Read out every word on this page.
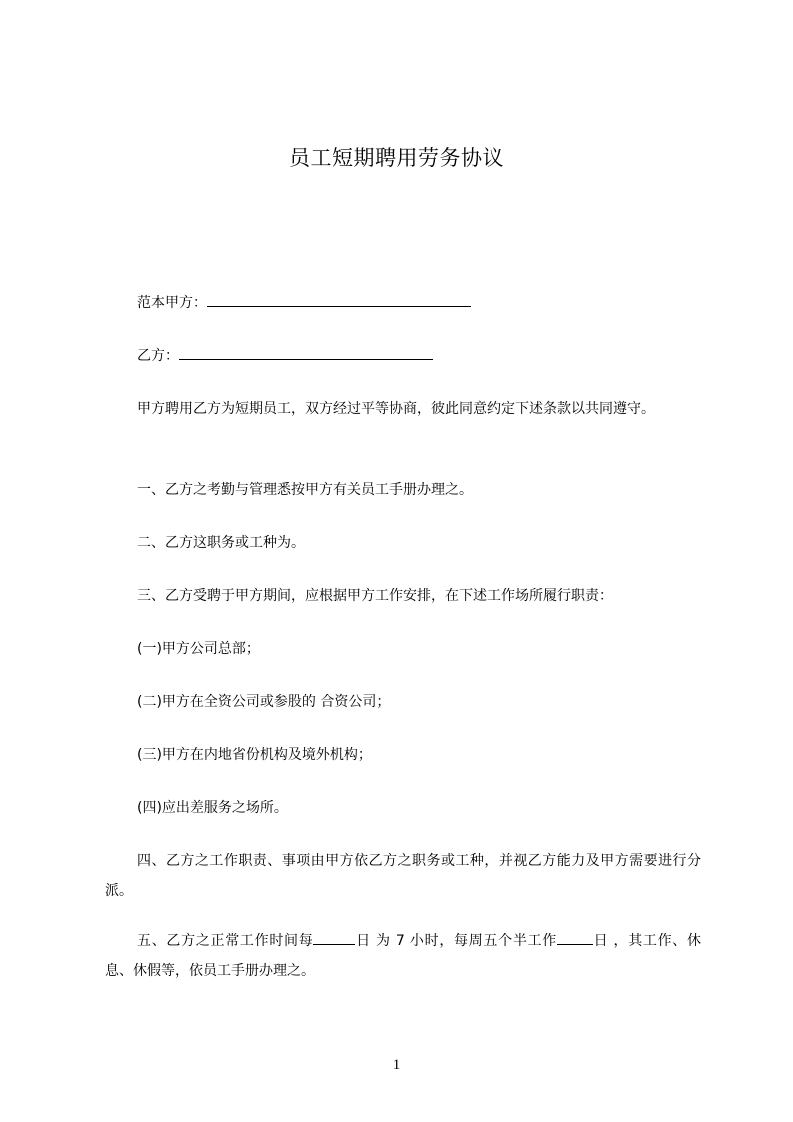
员工短期聘用劳务协议
范本甲方：
乙方：
甲方聘用乙方为短期员工，双方经过平等协商，彼此同意约定下述条款以共同遵守。
一、乙方之考勤与管理悉按甲方有关员工手册办理之。
二、乙方这职务或工种为。
三、乙方受聘于甲方期间，应根据甲方工作安排，在下述工作场所履行职责：
(一)甲方公司总部；
(二)甲方在全资公司或参股的 合资公司；
(三)甲方在内地省份机构及境外机构；
(四)应出差服务之场所。
四、乙方之工作职责、事项由甲方依乙方之职务或工种，并视乙方能力及甲方需要进行分派。
五、乙方之正常工作时间每	日 为 7 小时，每周五个半工作	日 ，其工作、休息、休假等，依员工手册办理之。
1
